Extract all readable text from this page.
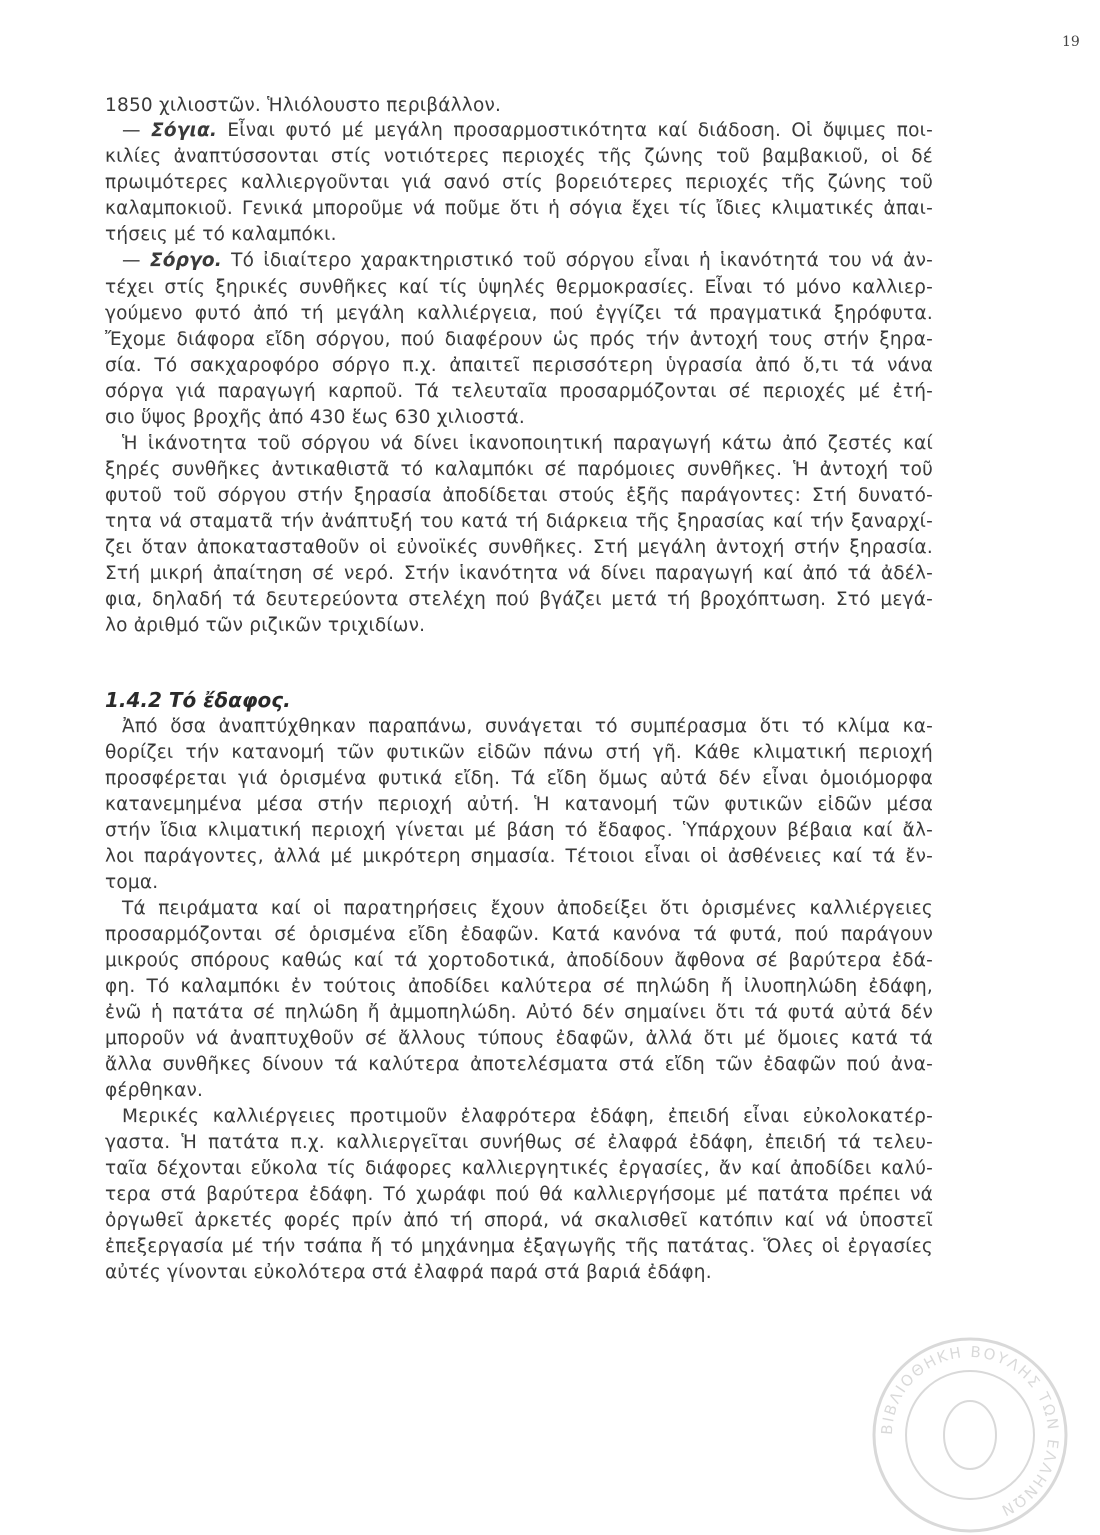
19
1.4.2 Τό ἔδαφος.
1850 χιλιοστῶν. Ἡλιόλουστο περιβάλλον.
— Σόγια. Εἶναι φυτό μέ μεγάλη προσαρμοστικότητα καί διάδοση. Οἱ ὄψιμες ποι-
κιλίες ἀναπτύσσονται στίς νοτιότερες περιοχές τῆς ζώνης τοῦ βαμβακιοῦ, οἱ δέ
πρωιμότερες καλλιεργοῦνται γιά σανό στίς βορειότερες περιοχές τῆς ζώνης τοῦ
καλαμποκιοῦ. Γενικά μποροῦμε νά ποῦμε ὅτι ἡ σόγια ἔχει τίς ἴδιες κλιματικές ἀπαι-
τήσεις μέ τό καλαμπόκι.
— Σόργο. Τό ἰδιαίτερο χαρακτηριστικό τοῦ σόργου εἶναι ἡ ἱκανότητά του νά ἀν-
τέχει στίς ξηρικές συνθῆκες καί τίς ὑψηλές θερμοκρασίες. Εἶναι τό μόνο καλλιερ-
γούμενο φυτό ἀπό τή μεγάλη καλλιέργεια, πού ἐγγίζει τά πραγματικά ξηρόφυτα.
Ἔχομε διάφορα εἴδη σόργου, πού διαφέρουν ὡς πρός τήν ἀντοχή τους στήν ξηρα-
σία. Τό σακχαροφόρο σόργο π.χ. ἀπαιτεῖ περισσότερη ὑγρασία ἀπό ὅ,τι τά νάνα
σόργα γιά παραγωγή καρποῦ. Τά τελευταῖα προσαρμόζονται σέ περιοχές μέ ἐτή-
σιο ὕψος βροχῆς ἀπό 430 ἕως 630 χιλιοστά.
Ἡ ἱκάνοτητα τοῦ σόργου νά δίνει ἱκανοποιητική παραγωγή κάτω ἀπό ζεστές καί
ξηρές συνθῆκες ἀντικαθιστᾶ τό καλαμπόκι σέ παρόμοιες συνθῆκες. Ἡ ἀντοχή τοῦ
φυτοῦ τοῦ σόργου στήν ξηρασία ἀποδίδεται στούς ἑξῆς παράγοντες: Στή δυνατό-
τητα νά σταματᾶ τήν ἀνάπτυξή του κατά τή διάρκεια τῆς ξηρασίας καί τήν ξαναρχί-
ζει ὅταν ἀποκατασταθοῦν οἱ εὐνοϊκές συνθῆκες. Στή μεγάλη ἀντοχή στήν ξηρασία.
Στή μικρή ἀπαίτηση σέ νερό. Στήν ἱκανότητα νά δίνει παραγωγή καί ἀπό τά ἀδέλ-
φια, δηλαδή τά δευτερεύοντα στελέχη πού βγάζει μετά τή βροχόπτωση. Στό μεγά-
λο ἀριθμό τῶν ριζικῶν τριχιδίων.
Ἀπό ὅσα ἀναπτύχθηκαν παραπάνω, συνάγεται τό συμπέρασμα ὅτι τό κλίμα κα-
θορίζει τήν κατανομή τῶν φυτικῶν εἰδῶν πάνω στή γῆ. Κάθε κλιματική περιοχή
προσφέρεται γιά ὁρισμένα φυτικά εἴδη. Τά εἴδη ὅμως αὐτά δέν εἶναι ὁμοιόμορφα
κατανεμημένα μέσα στήν περιοχή αὐτή. Ἡ κατανομή τῶν φυτικῶν εἰδῶν μέσα
στήν ἴδια κλιματική περιοχή γίνεται μέ βάση τό ἔδαφος. Ὑπάρχουν βέβαια καί ἄλ-
λοι παράγοντες, ἀλλά μέ μικρότερη σημασία. Τέτοιοι εἶναι οἱ ἀσθένειες καί τά ἔν-
τομα.
Τά πειράματα καί οἱ παρατηρήσεις ἔχουν ἀποδείξει ὅτι ὁρισμένες καλλιέργειες
προσαρμόζονται σέ ὁρισμένα εἴδη ἐδαφῶν. Κατά κανόνα τά φυτά, πού παράγουν
μικρούς σπόρους καθώς καί τά χορτοδοτικά, ἀποδίδουν ἄφθονα σέ βαρύτερα ἐδά-
φη. Τό καλαμπόκι ἐν τούτοις ἀποδίδει καλύτερα σέ πηλώδη ἤ ἰλυοπηλώδη ἐδάφη,
ἐνῶ ἡ πατάτα σέ πηλώδη ἤ ἀμμοπηλώδη. Αὐτό δέν σημαίνει ὅτι τά φυτά αὐτά δέν
μποροῦν νά ἀναπτυχθοῦν σέ ἄλλους τύπους ἐδαφῶν, ἀλλά ὅτι μέ ὅμοιες κατά τά
ἄλλα συνθῆκες δίνουν τά καλύτερα ἀποτελέσματα στά εἴδη τῶν ἐδαφῶν πού ἀνα-
φέρθηκαν.
Μερικές καλλιέργειες προτιμοῦν ἐλαφρότερα ἐδάφη, ἐπειδή εἶναι εὐκολοκατέρ-
γαστα. Ἡ πατάτα π.χ. καλλιεργεῖται συνήθως σέ ἐλαφρά ἐδάφη, ἐπειδή τά τελευ-
ταῖα δέχονται εὔκολα τίς διάφορες καλλιεργητικές ἐργασίες, ἄν καί ἀποδίδει καλύ-
τερα στά βαρύτερα ἐδάφη. Τό χωράφι πού θά καλλιεργήσομε μέ πατάτα πρέπει νά
ὀργωθεῖ ἀρκετές φορές πρίν ἀπό τή σπορά, νά σκαλισθεῖ κατόπιν καί νά ὑποστεῖ
ἐπεξεργασία μέ τήν τσάπα ἤ τό μηχάνημα ἐξαγωγῆς τῆς πατάτας. Ὅλες οἱ ἐργασίες
αὐτές γίνονται εὐκολότερα στά ἐλαφρά παρά στά βαριά ἐδάφη.
ΒΙΒΛΙΟΘΗΚΗ ΒΟΥΛΗΣ ΤΩΝ ΕΛΛΗΝΩΝ
